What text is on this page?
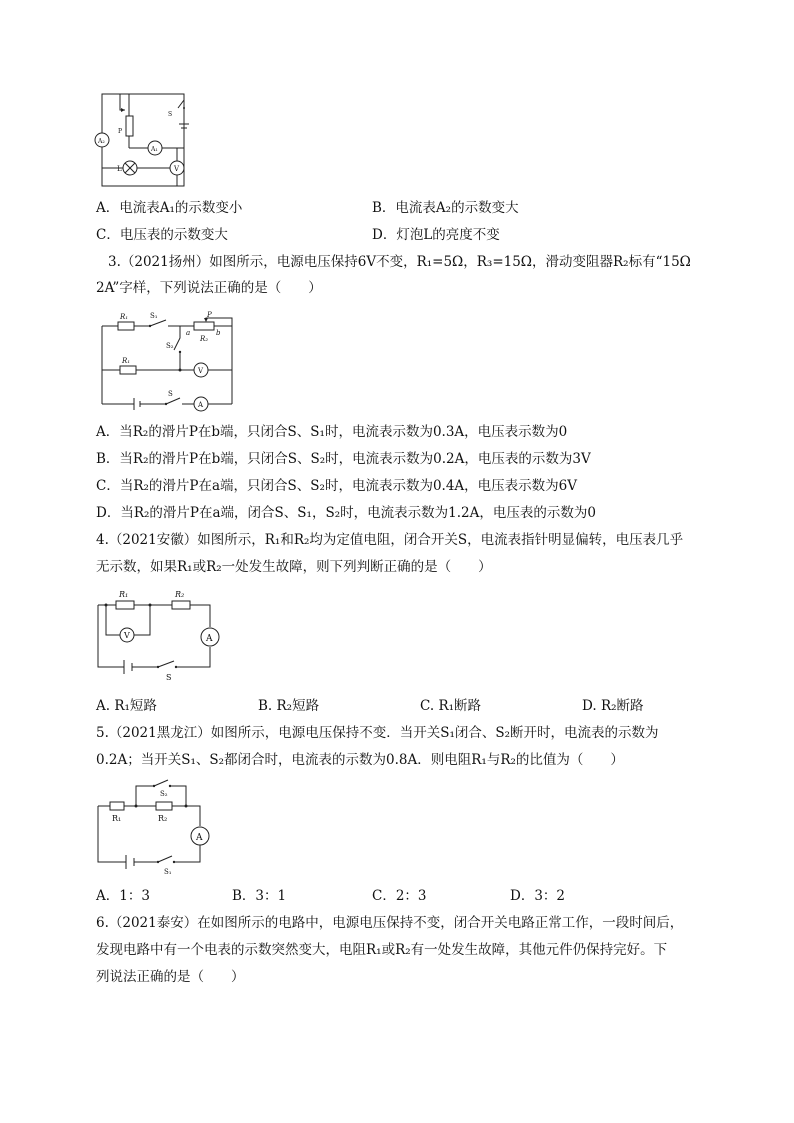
A₂
P
A₁
S
L	V
A．电流表A₁的示数变小	B．电流表A₂的示数变大
C．电压表的示数变大	D．灯泡L的亮度不变
3.（2021扬州）如图所示，电源电压保持6V不变，R₁=5Ω，R₃=15Ω，滑动变阻器R₂标有“15Ω
2A”字样，下列说法正确的是（　　）
R₁	S₁	P
a	b
R₂
S₂
R₁
V
S
A
A．当R₂的滑片P在b端，只闭合S、S₁时，电流表示数为0.3A，电压表示数为0
B．当R₂的滑片P在b端，只闭合S、S₂时，电流表示数为0.2A，电压表的示数为3V
C．当R₂的滑片P在a端，只闭合S、S₂时，电流表示数为0.4A，电压表示数为6V
D．当R₂的滑片P在a端，闭合S、S₁，S₂时，电流表示数为1.2A，电压表的示数为0
4.（2021安徽）如图所示，R₁和R₂均为定值电阻，闭合开关S，电流表指针明显偏转，电压表几乎
无示数，如果R₁或R₂一处发生故障，则下列判断正确的是（　　）
S
R₁	R₂
V	A
A. R₁短路	B. R₂短路	C. R₁断路	D. R₂断路
5.（2021黑龙江）如图所示，电源电压保持不变．当开关S₁闭合、S₂断开时，电流表的示数为
0.2A；当开关S₁、S₂都闭合时，电流表的示数为0.8A．则电阻R₁与R₂的比值为（　　）
S₂
R₁	R₂
A
S₁
A．1：3	B．3：1	C．2：3	D．3：2
6.（2021泰安）在如图所示的电路中，电源电压保持不变，闭合开关电路正常工作，一段时间后，
发现电路中有一个电表的示数突然变大，电阻R₁或R₂有一处发生故障，其他元件仍保持完好。下
列说法正确的是（　　）
